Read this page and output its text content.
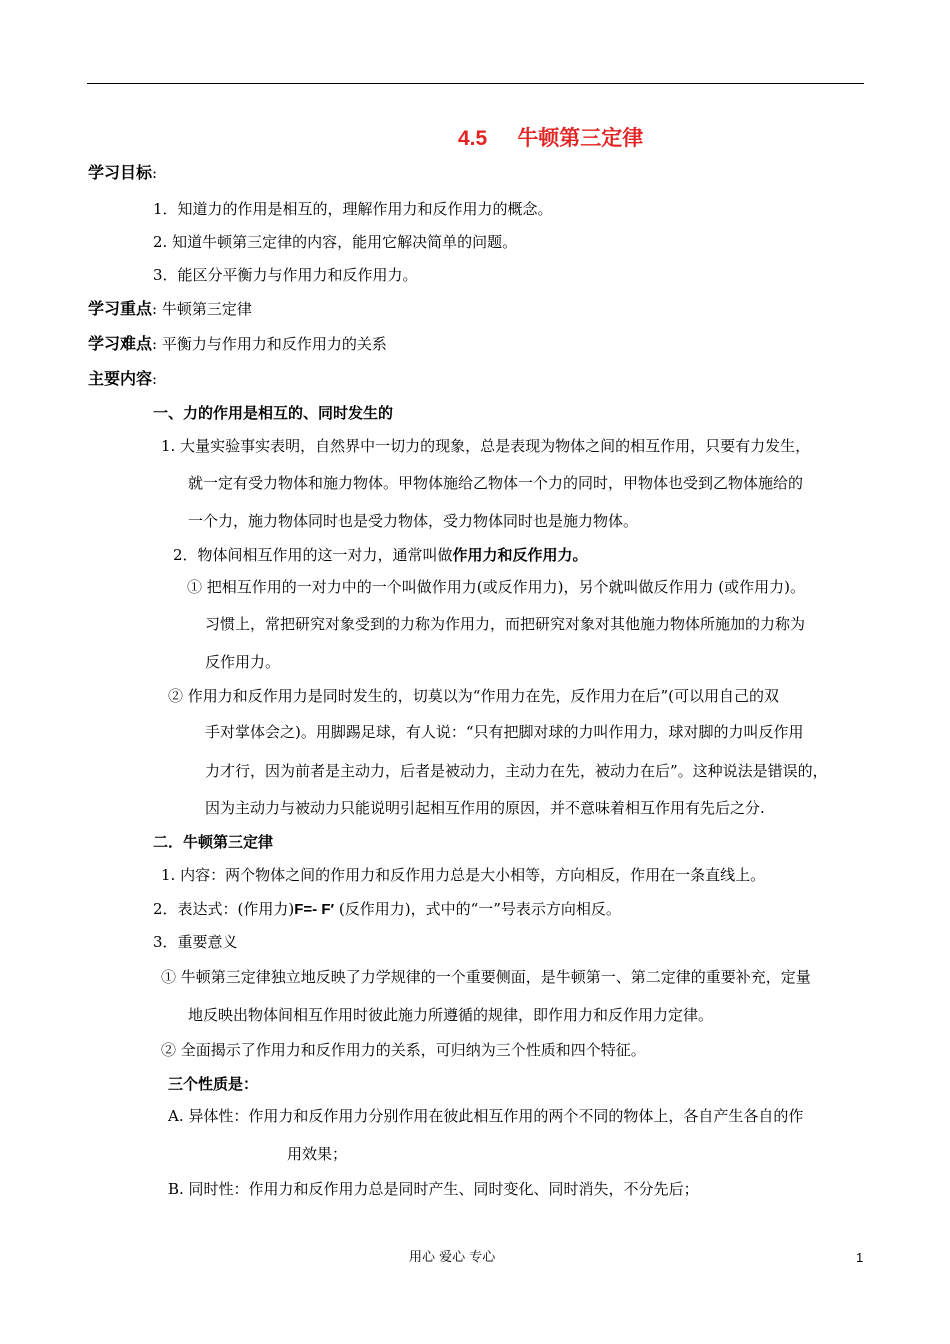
4.5 牛顿第三定律
学习目标:
1．知道力的作用是相互的，理解作用力和反作用力的概念。
2. 知道牛顿第三定律的内容，能用它解决简单的问题。
3．能区分平衡力与作用力和反作用力。
学习重点: 牛顿第三定律
学习难点: 平衡力与作用力和反作用力的关系
主要内容:
一、力的作用是相互的、同时发生的
1. 大量实验事实表明，自然界中一切力的现象，总是表现为物体之间的相互作用，只要有力发生，
就一定有受力物体和施力物体。甲物体施给乙物体一个力的同时，甲物体也受到乙物体施给的
一个力，施力物体同时也是受力物体，受力物体同时也是施力物体。
2．物体间相互作用的这一对力，通常叫做作用力和反作用力。
① 把相互作用的一对力中的一个叫做作用力(或反作用力)，另个就叫做反作用力 (或作用力)。
习惯上，常把研究对象受到的力称为作用力，而把研究对象对其他施力物体所施加的力称为
反作用力。
② 作用力和反作用力是同时发生的，切莫以为“作用力在先，反作用力在后”(可以用自己的双
手对掌体会之)。用脚踢足球，有人说：“只有把脚对球的力叫作用力，球对脚的力叫反作用
力才行，因为前者是主动力，后者是被动力，主动力在先，被动力在后”。这种说法是错误的，
因为主动力与被动力只能说明引起相互作用的原因，并不意味着相互作用有先后之分.
二．牛顿第三定律
1. 内容：两个物体之间的作用力和反作用力总是大小相等，方向相反，作用在一条直线上。
2．表达式：(作用力)F=- F′ (反作用力)，式中的“一”号表示方向相反。
3．重要意义
① 牛顿第三定律独立地反映了力学规律的一个重要侧面，是牛顿第一、第二定律的重要补充，定量
地反映出物体间相互作用时彼此施力所遵循的规律，即作用力和反作用力定律。
② 全面揭示了作用力和反作用力的关系，可归纳为三个性质和四个特征。
三个性质是：
A. 异体性：作用力和反作用力分别作用在彼此相互作用的两个不同的物体上，各自产生各自的作
用效果；
B. 同时性：作用力和反作用力总是同时产生、同时变化、同时消失，不分先后；
用心 爱心 专心	1
